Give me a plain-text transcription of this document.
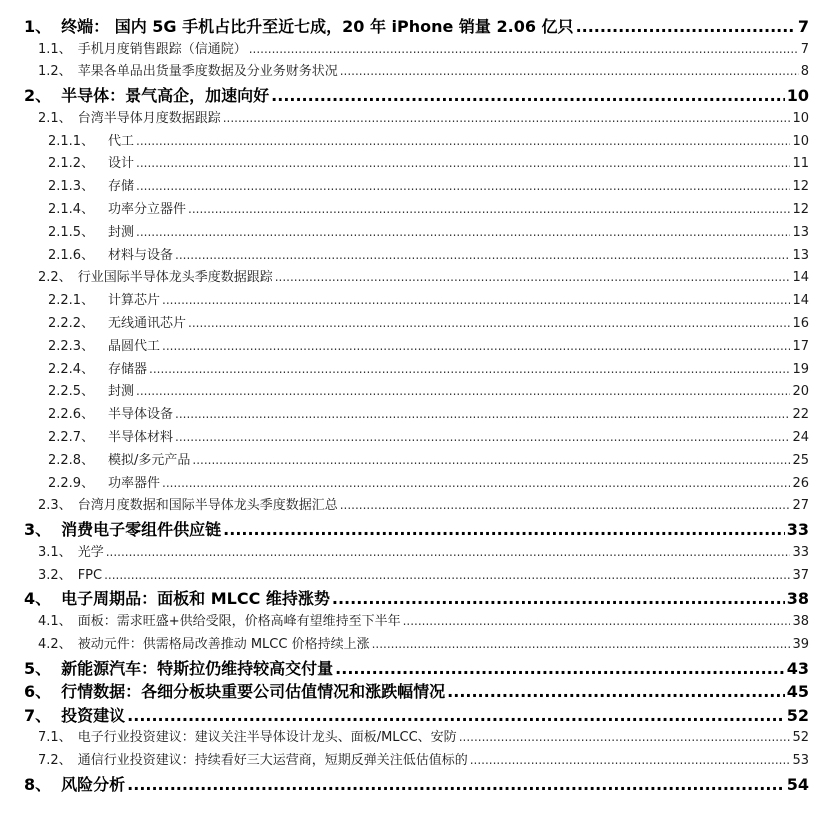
1、 终端： 国内 5G 手机占比升至近七成，20 年 iPhone 销量 2.06 亿只 .....	7
1.1、 手机月度销售跟踪（信通院） .....	7
1.2、 苹果各单品出货量季度数据及分业务财务状况 .....	8
2、 半导体：景气高企，加速向好 .....	10
2.1、 台湾半导体月度数据跟踪 .....	10
2.1.1、 代工 .....	10
2.1.2、 设计 .....	11
2.1.3、 存储 .....	12
2.1.4、 功率分立器件 .....	12
2.1.5、 封测 .....	13
2.1.6、 材料与设备 .....	13
2.2、 行业国际半导体龙头季度数据跟踪 .....	14
2.2.1、 计算芯片 .....	14
2.2.2、 无线通讯芯片 .....	16
2.2.3、 晶圆代工 .....	17
2.2.4、 存储器 .....	19
2.2.5、 封测 .....	20
2.2.6、 半导体设备 .....	22
2.2.7、 半导体材料 .....	24
2.2.8、 模拟/多元产品 .....	25
2.2.9、 功率器件 .....	26
2.3、 台湾月度数据和国际半导体龙头季度数据汇总 .....	27
3、 消费电子零组件供应链 .....	33
3.1、 光学 .....	33
3.2、 FPC .....	37
4、 电子周期品：面板和 MLCC 维持涨势 .....	38
4.1、 面板：需求旺盛+供给受限，价格高峰有望维持至下半年 .....	38
4.2、 被动元件：供需格局改善推动 MLCC 价格持续上涨 .....	39
5、 新能源汽车：特斯拉仍维持较高交付量 .....	43
6、 行情数据：各细分板块重要公司估值情况和涨跌幅情况 .....	45
7、 投资建议 .....	52
7.1、 电子行业投资建议：建议关注半导体设计龙头、面板/MLCC、安防 .....	52
7.2、 通信行业投资建议：持续看好三大运营商，短期反弹关注低估值标的 .....	53
8、 风险分析 .....	54
